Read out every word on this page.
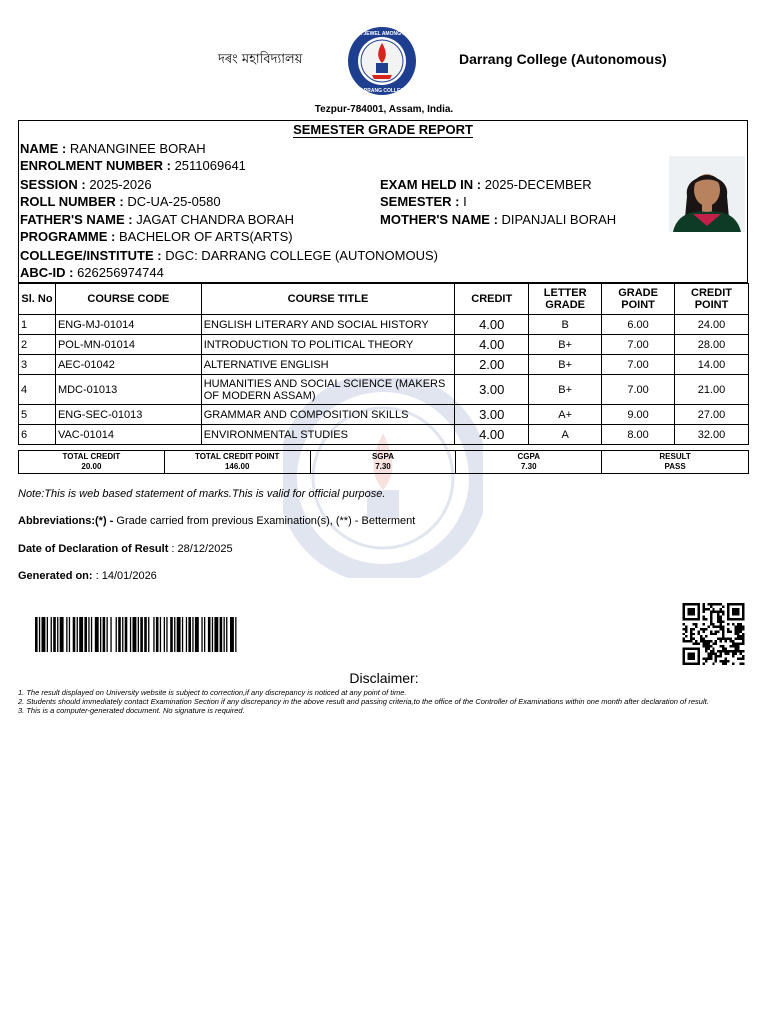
দৰং মহাবিদ্যালয়
BE A JEWEL AMONG MEN
DARRANG COLLEGE
Darrang College (Autonomous)
Tezpur-784001, Assam, India.
SEMESTER GRADE REPORT
NAME : RANANGINEE BORAH
ENROLMENT NUMBER : 2511069641
SESSION : 2025-2026	EXAM HELD IN : 2025-DECEMBER
ROLL NUMBER : DC-UA-25-0580	SEMESTER : I
FATHER'S NAME : JAGAT CHANDRA BORAH	MOTHER'S NAME : DIPANJALI BORAH
PROGRAMME : BACHELOR OF ARTS(ARTS)
COLLEGE/INSTITUTE : DGC: DARRANG COLLEGE (AUTONOMOUS)
ABC-ID : 626256974744
Sl. No	COURSE CODE	COURSE TITLE	CREDIT	LETTER GRADE	GRADE POINT	CREDIT POINT
1	ENG-MJ-01014	ENGLISH LITERARY AND SOCIAL HISTORY	4.00	B	6.00	24.00
2	POL-MN-01014	INTRODUCTION TO POLITICAL THEORY	4.00	B+	7.00	28.00
3	AEC-01042	ALTERNATIVE ENGLISH	2.00	B+	7.00	14.00
4	MDC-01013	HUMANITIES AND SOCIAL SCIENCE (MAKERS OF MODERN ASSAM)	3.00	B+	7.00	21.00
5	ENG-SEC-01013	GRAMMAR AND COMPOSITION SKILLS	3.00	A+	9.00	27.00
6	VAC-01014	ENVIRONMENTAL STUDIES	4.00	A	8.00	32.00
TOTAL CREDIT
20.00

TOTAL CREDIT POINT
146.00

SGPA
7.30

CGPA
7.30

RESULT
PASS
Note:This is web based statement of marks.This is valid for official purpose.
Abbreviations:(*) - Grade carried from previous Examination(s), (**) - Betterment
Date of Declaration of Result : 28/12/2025
Generated on: : 14/01/2026
Disclaimer:
1. The result displayed on University website is subject to correction,if any discrepancy is noticed at any point of time.
2. Students should immediately contact Examination Section if any discrepancy in the above result and passing criteria,to the office of the Controller of Examinations within one month after declaration of result.
3. This is a computer-generated document. No signature is required.
